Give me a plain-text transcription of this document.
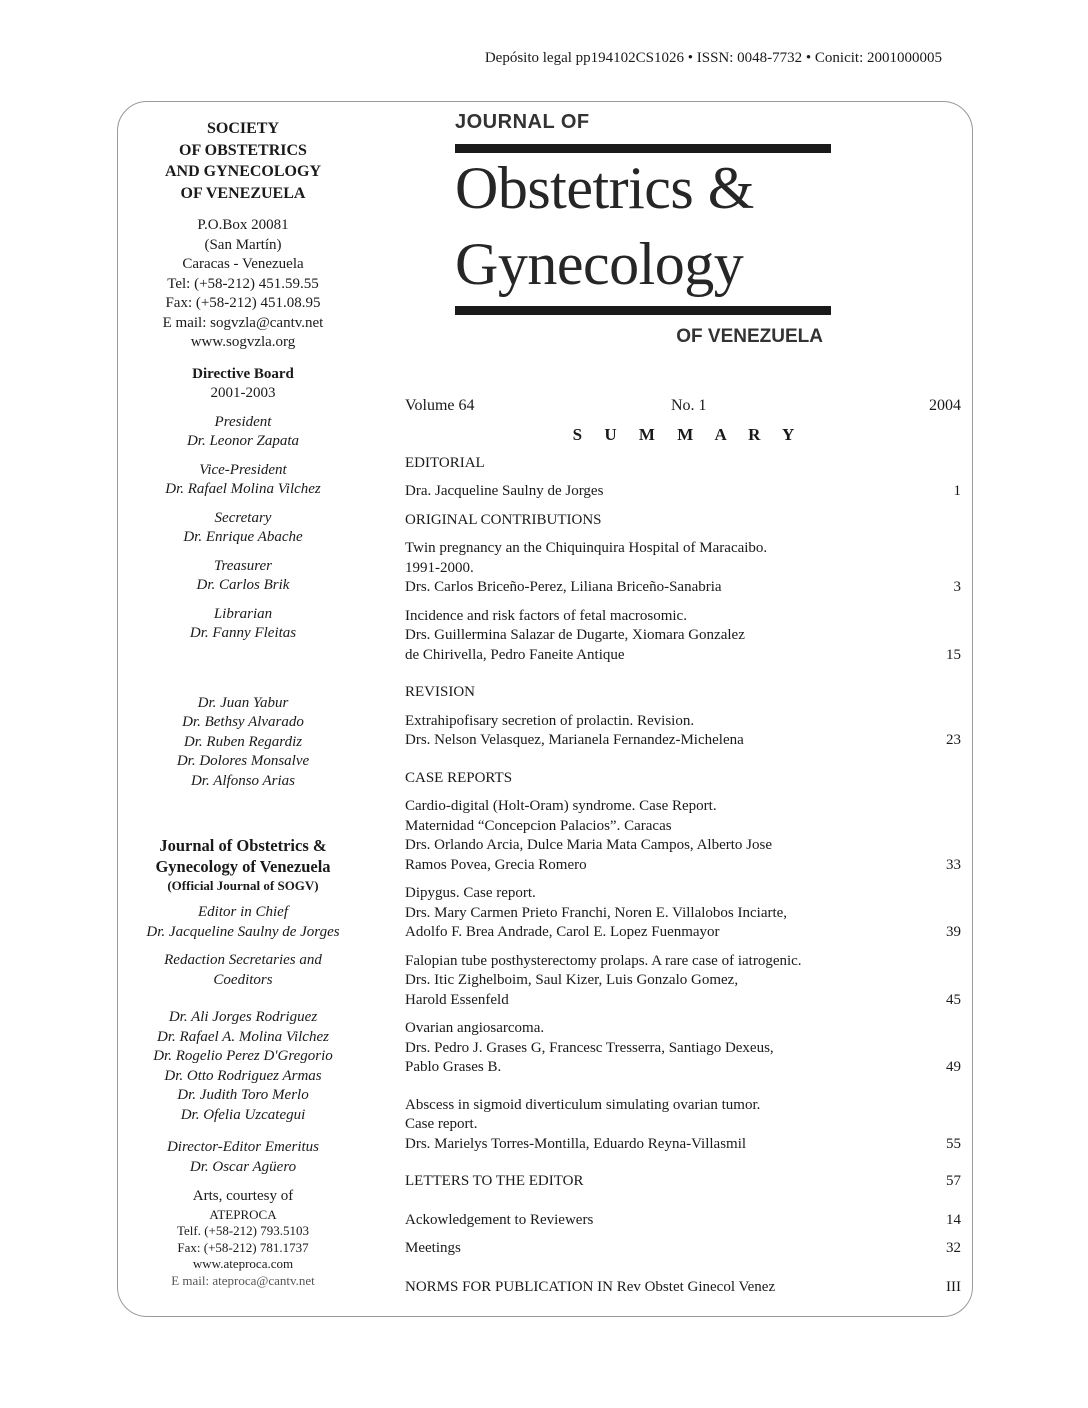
Depósito legal pp194102CS1026 • ISSN: 0048-7732 • Conicit: 2001000005
JOURNAL OF
Obstetrics &
Gynecology
OF VENEZUELA
SOCIETY
OF OBSTETRICS
AND GYNECOLOGY
OF VENEZUELA
P.O.Box 20081
(San Martín)
Caracas - Venezuela
Tel: (+58-212) 451.59.55
Fax: (+58-212) 451.08.95
E mail: sogvzla@cantv.net
www.sogvzla.org
Directive Board
2001-2003
President
Dr. Leonor Zapata
Vice-President
Dr. Rafael Molina Vilchez
Secretary
Dr. Enrique Abache
Treasurer
Dr. Carlos Brik
Librarian
Dr. Fanny Fleitas
Dr. Juan Yabur
Dr. Bethsy Alvarado
Dr. Ruben Regardiz
Dr. Dolores Monsalve
Dr. Alfonso Arias
Journal of Obstetrics &
Gynecology of Venezuela
(Official Journal of SOGV)
Editor in Chief
Dr. Jacqueline Saulny de Jorges
Redaction Secretaries and
Coeditors
Dr. Ali Jorges Rodriguez
Dr. Rafael A. Molina Vilchez
Dr. Rogelio Perez D'Gregorio
Dr. Otto Rodriguez Armas
Dr. Judith Toro Merlo
Dr. Ofelia Uzcategui
Director-Editor Emeritus
Dr. Oscar Agüero
Arts, courtesy of
ATEPROCA
Telf. (+58-212) 793.5103
Fax: (+58-212) 781.1737
www.ateproca.com
E mail: ateproca@cantv.net
Volume 64	No. 1	2004
S U M M A R Y
EDITORIAL
Dra. Jacqueline Saulny de Jorges	1
ORIGINAL CONTRIBUTIONS
Twin pregnancy an the Chiquinquira Hospital of Maracaibo.
1991-2000.
Drs. Carlos Briceño-Perez, Liliana Briceño-Sanabria	3
Incidence and risk factors of fetal macrosomic.
Drs. Guillermina Salazar de Dugarte, Xiomara Gonzalez
de Chirivella, Pedro Faneite Antique	15
REVISION
Extrahipofisary secretion of prolactin. Revision.
Drs. Nelson Velasquez, Marianela Fernandez-Michelena	23
CASE REPORTS
Cardio-digital (Holt-Oram) syndrome. Case Report.
Maternidad “Concepcion Palacios”. Caracas
Drs. Orlando Arcia, Dulce Maria Mata Campos, Alberto Jose
Ramos Povea, Grecia Romero	33
Dipygus. Case report.
Drs. Mary Carmen Prieto Franchi, Noren E. Villalobos Inciarte,
Adolfo F. Brea Andrade, Carol E. Lopez Fuenmayor	39
Falopian tube posthysterectomy prolaps. A rare case of iatrogenic.
Drs. Itic Zighelboim, Saul Kizer, Luis Gonzalo Gomez,
Harold Essenfeld	45
Ovarian angiosarcoma.
Drs. Pedro J. Grases G, Francesc Tresserra, Santiago Dexeus,
Pablo Grases B.	49
Abscess in sigmoid diverticulum simulating ovarian tumor.
Case report.
Drs. Marielys Torres-Montilla, Eduardo Reyna-Villasmil	55
LETTERS TO THE EDITOR	57
Ackowledgement to Reviewers	14
Meetings	32
NORMS FOR PUBLICATION IN Rev Obstet Ginecol Venez	III
